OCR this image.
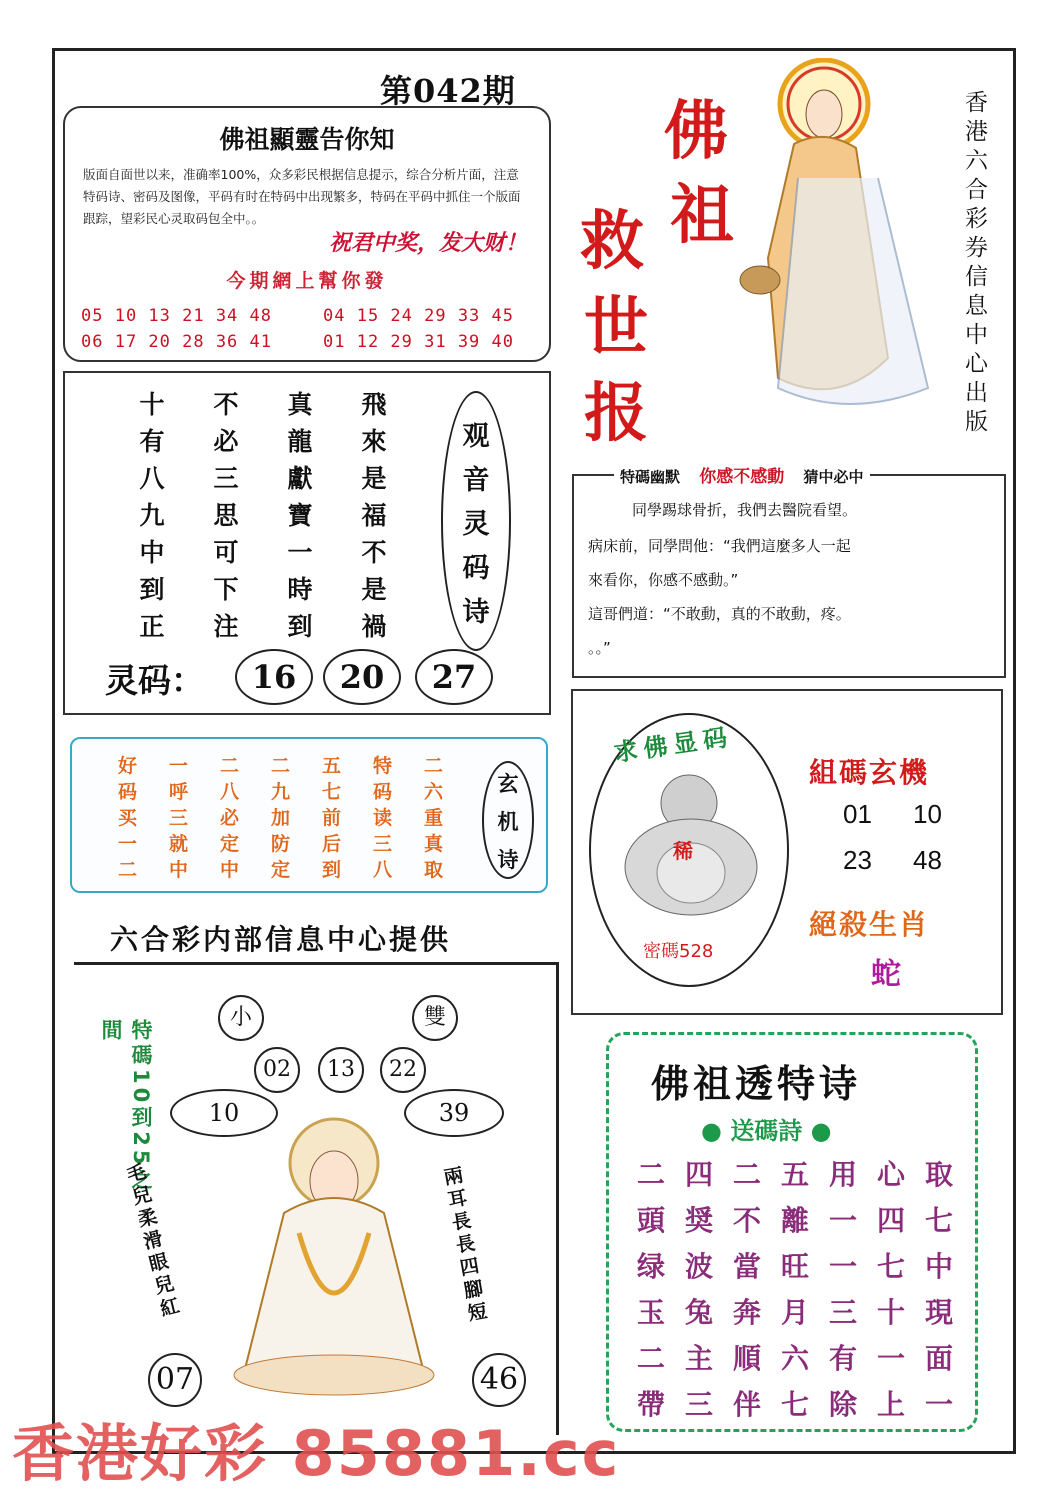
第042期
佛祖顯靈告你知
版面自面世以来，准确率100%，众多彩民根据信息提示，综合分析片面，注意特码诗、密码及图像，平码有时在特码中出现繁多，特码在平码中抓住一个版面跟踪，望彩民心灵取码包全中。。
祝君中奖，发大财！
今期網上幫你發
05 10 13 21 34 48	04 15 24 29 33 45
06 17 20 28 36 41	01 12 29 31 39 40
十	不	真	飛
有	必	龍	來
八	三	獻	是
九	思	寶	福
中	可	一	不
到	下	時	是
正	注	到	禍
观
音
灵
码
诗
灵码：	16	20	27
好	一	二	二	五	特	二
码	呼	八	九	七	码	六
买	三	必	加	前	读	重
一	就	定	防	后	三	真
二	中	中	定	到	八	取
玄
机
诗
六合彩内部信息中心提供
小	雙
02	13	22
10	39
特碼10到25之間
毛兒柔滑眼兒紅	兩耳長長四腳短
07	46
佛
祖
救
世
报	香港六合彩券信息中心出版
特碼幽默 你感不感動 猜中必中

同學踢球骨折，我們去醫院看望。

病床前，同學問他：“我們這麼多人一起

來看你，你感不感動。”

這哥們道：“不敢動，真的不敢動，疼。

。。”

求佛显码
稀
密碼528
組碼玄機
01 10
23 48
絕殺生肖
蛇
佛祖透特诗
● 送碼詩 ●
二 四 二 五 用 心 取
頭 奨 不 離 一 四 七
绿 波 當 旺 一 七 中
玉 兔 奔 月 三 十 現
二 主 順 六 有 一 面
帶 三 伴 七 除 上 一
香港好彩 85881.cc
